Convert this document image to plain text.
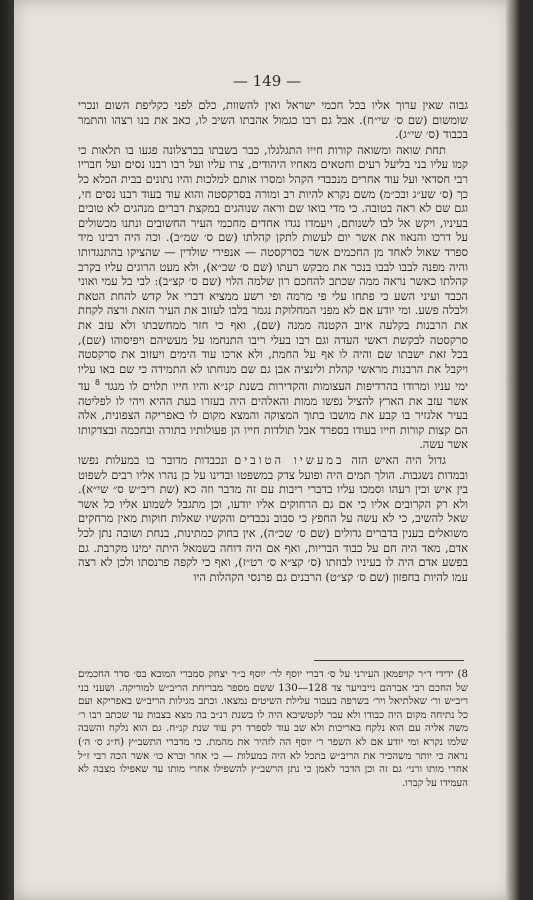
— 149 —

גבוה שאין ערוך אליו בכל חכמי ישראל ואין להשוות, כלם לפני כקליפת השום ונכרי שומשום (שם ס׳ שי״ח). אבל גם רבו כגמול אהבתו השיב לו, כאב את בנו רצהו והתמר בכבוד (ס׳ שי״ג).

תחת שואה ומשואה קורות חייו התגלגלו, כבר בשבתו בברצלונה פגעו בו תלאות כי קמו עליו בני בליעל רעים וחטאים מאחיו היהודים, צרו עליו ועל רבו רבנו נסים ועל חבריו רבי חסדאי ועל עוד אחרים מנכבדי הקהל ומסרו אותם למלכות והיו נתונים בבית הכלא כל כך (ס׳ שע״ג ובכ״מ) משם נקרא להיות רב ומורה בסרקסטה והוא עוד בעוד רבנו נסים חי, וגם שם לא ראה בטובה. כי מדי בואו שם וראה שנוהגים במקצת דברים מנהגים לא טובים בעיניו, ויקש אל לבו לשנותם, ויעמדו נגדו אחדים מחכמי העיר החשובים ונתנו מכשולים על דרכו והנאוו את אשר יום לעשות לתקן קהלתו (שם ס׳ שמ״ב). וכה היה רבינו מיד ספרד שאול לאחד מן החכמים אשר בסרקסטה — אנפירי שולדין — שהציקו בהתנגדותו והיה מפנה לבבו לבבו בנכר את מבקש רעתו (שם ס׳ שכ״א), ולא מעט הרוגים עליו בקרב קהלתו כאשר נראה ממה שכתב להחכם רון שלמה הלוי (שם ס׳ קצ״ב): לבי בל עמי ואוני הכבד ועיני השע כי פתחו עלי פי מרמה ופי רשע ממציא דברי אל קדש להחת הטאת ולבלה פשע. ומי יודע אם לא מפני המחלוקת נגמר בלבו לעזוב את העיר הזאת ורצה לקחת את הרבנות בקלעה איוב הקטנה ממנה (שם), ואף כי חזר ממחשבתו ולא עזב את סרקסטה לבקשת ראשי העדה וגם רבו בעלי ריבו התנחמו על מעשיהם ויפיסוהו (שם), בכל זאת ישבתו שם והיה לו אף על החמת, ולא ארכו עוד הימים ויעזוב את סרקסטה ויקבל את הרבנות מראשי קהלת ולינציה אבן גם שם מנוחתו לא התמידה כי שם באו עליו ימי עניו ומרודו בהרדיפות העצומות והקדירות בשנת קנ״א והיו חייו תלוים לו מנגד $^8$ עד אשר עזב את הארץ להציל נפשו ממות והאלהים היה בעזרו בעת ההיא ויהי לו לפליטה בעיר אלגזיר בו קבע את מושבו בתוך המצוקה והמצא מקום לו באפריקה הצפונית, אלה הם קצות קורות חייו בעודו בספרד אבל תולדות חייו הן פעולותיו בתורה ובחכמה ובצדקותו אשר עשה.

גדול היה האיש הזה במעשיו הטובים ונכבדות מדובר בו במעלות נפשו ובמדות נשגבות. הולך תמים היה ופועל צדק במשפטו ובדינו על כן נהרו אליו רבים לשפוט בין איש ובין רעהו וסמכו עליו בדברי ריבות עם זה מדבר וזה כא (שת ריב״ש ס״ שי״א). ולא רק הקרובים אליו כי אם גם הרחוקים אליו יודעו, וכן מתגבל לשמוע אליו כל אשר שאל להשיב, כי לא עשה על החפץ כי סבוב נכבדים והקשיו שאלות חוקות מאין מרחקים משואלים בענין בדברים גדולים (שם ס׳ שכ״ה), אין בחוק כמתינות, בנחת ושובה נתן לכל אדם, מאד היה חם על כבוד הבריות, ואף אם היה דוחה בשמאל היתה ימינו מקרבת. גם בפשע אדם היה לו בעיניו לבוזתו (ס׳ קצ״א ס׳ רט״ז), ואף כי לקפה פרנסתו ולכן לא רצה עמו להיות בחפזון (שם ס׳ קצ״ט) הרבנים גם פרנסי הקהלות היו

8) ידידי ד״ר קויפמאן העירני על ס׳ דברי יוסף לר׳ יוסף ב״ר יצחק סמברי המובא בס׳ סדר החכמים של החכם רבי אברהם נייבויער צד 128—130 ששם מספר מבריחת הריב״ש למוריקה. ושעני בני ריב״ש ור׳ שאלתיאל ויר׳ בשרפה בעבור עלילת השיטים נמצאו. וכתב מגילות הריב״ש באפריקא ועם כל נתיחה מקום היה כבודו ולא עבר לקטשיבא היה לו בשנת רנ״ב בה מצא בצבות עד שכתב רבו ר׳ משה אליה עם הוא נלקח באריכות ולא שב עוד לספרד רק עוד שנת קנ״ח. גם הוא נלקח והשבה שלמו נקרא ומי יודע אם לא השפר ר׳ יוסף הה לזהיר את מהמת. כי מדברי התשב״ץ (ח״ג ס׳ ה׳) נראה כי יותר משהכיר את הריב״ש בתכל לא היה במעלות — כי אחר וברא כו׳ אשר הכה רבי ז״ל אחרי מותו ורני׳ גם זה וכן הדבר לאמן כי נתן הרשב״ץ להשפילו אחרי מותו עד שאפילו מצבה לא העמידו על קברו.
